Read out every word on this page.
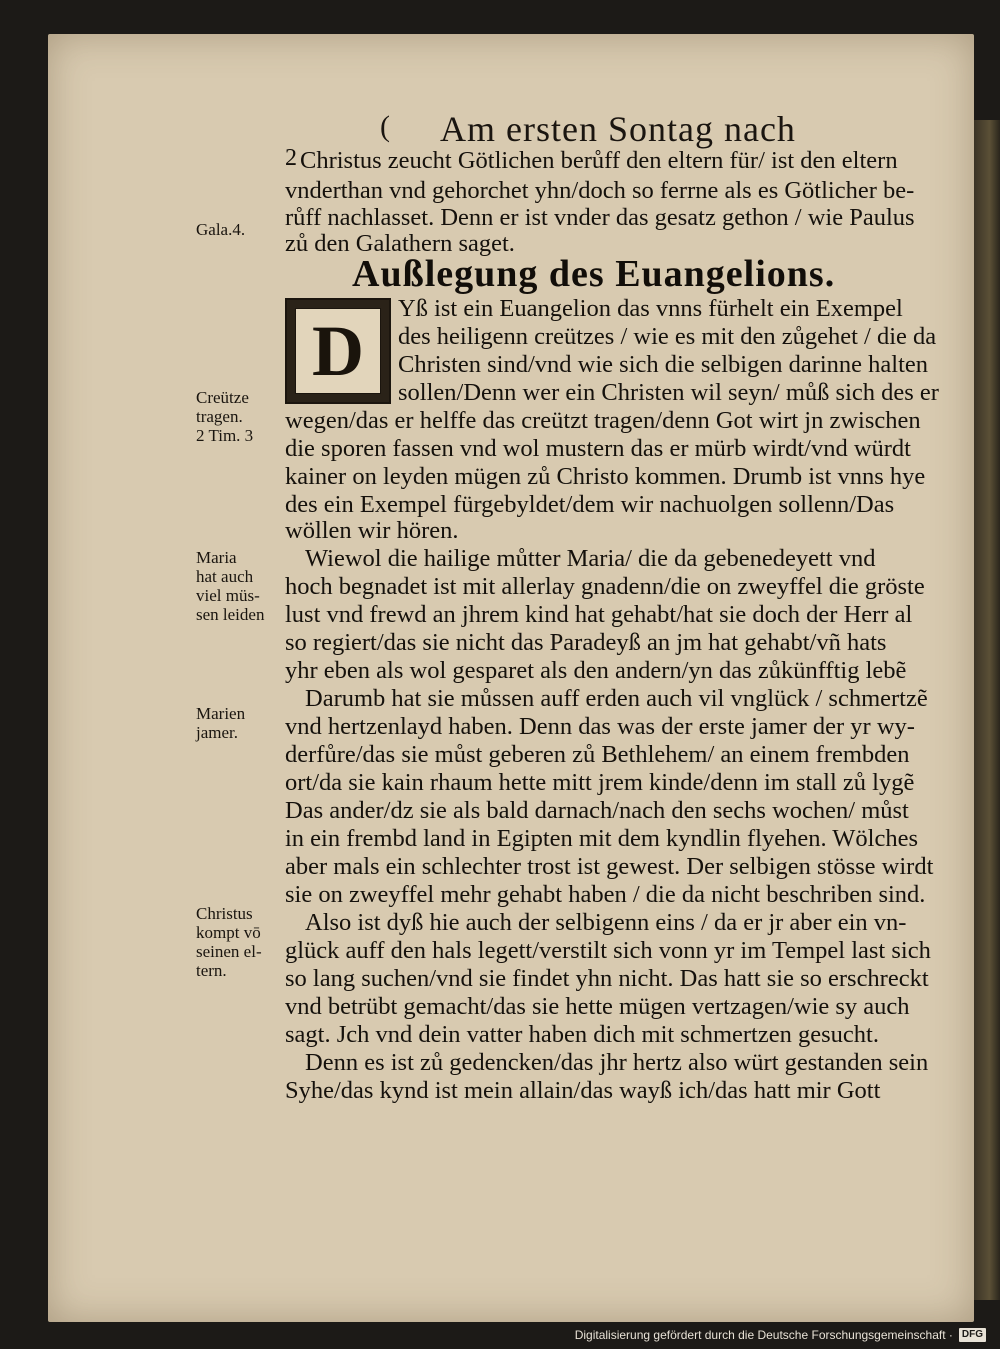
( Am ersten Sontag nach
2 Christus zeucht Götlichen berůff den eltern für/ ist den eltern
vnderthan vnd gehorchet yhn/doch so ferrne als es Götlicher be-
růff nachlasset. Denn er ist vnder das gesatz gethon / wie Paulus
zů den Galathern saget.
Außlegung des Euangelions.
D
Yß ist ein Euangelion das vnns fürhelt ein Exempel
des heiligenn creützes / wie es mit den zůgehet / die da
Christen sind/vnd wie sich die selbigen darinne halten
sollen/Denn wer ein Christen wil seyn/ můß sich des er
wegen/das er helffe das creützt tragen/denn Got wirt jn zwischen
die sporen fassen vnd wol mustern das er mürb wirdt/vnd würdt
kainer on leyden mügen zů Christo kommen. Drumb ist vnns hye
des ein Exempel fürgebyldet/dem wir nachuolgen sollenn/Das
wöllen wir hören.
Wiewol die hailige můtter Maria/ die da gebenedeyett vnd
hoch begnadet ist mit allerlay gnadenn/die on zweyffel die gröste
lust vnd frewd an jhrem kind hat gehabt/hat sie doch der Herr al
so regiert/das sie nicht das Paradeyß an jm hat gehabt/vñ hats
yhr eben als wol gesparet als den andern/yn das zůkünfftig lebẽ
Darumb hat sie můssen auff erden auch vil vnglück / schmertzẽ
vnd hertzenlayd haben. Denn das was der erste jamer der yr wy-
derfůre/das sie můst geberen zů Bethlehem/ an einem frembden
ort/da sie kain rhaum hette mitt jrem kinde/denn im stall zů lygẽ
Das ander/dz sie als bald darnach/nach den sechs wochen/ můst
in ein frembd land in Egipten mit dem kyndlin flyehen. Wölches
aber mals ein schlechter trost ist gewest. Der selbigen stösse wirdt
sie on zweyffel mehr gehabt haben / die da nicht beschriben sind.
Also ist dyß hie auch der selbigenn eins / da er jr aber ein vn-
glück auff den hals legett/verstilt sich vonn yr im Tempel last sich
so lang suchen/vnd sie findet yhn nicht. Das hatt sie so erschreckt
vnd betrübt gemacht/das sie hette mügen vertzagen/wie sy auch
sagt. Jch vnd dein vatter haben dich mit schmertzen gesucht.
Denn es ist zů gedencken/das jhr hertz also würt gestanden sein
Syhe/das kynd ist mein allain/das wayß ich/das hatt mir Gott
Gala.4.
Creütze
tragen.
2 Tim. 3
Maria
hat auch
viel müs-
sen leiden
Marien
jamer.
Christus
kompt vō
seinen el-
tern.
Digitalisierung gefördert durch die Deutsche Forschungsgemeinschaft · DFG
